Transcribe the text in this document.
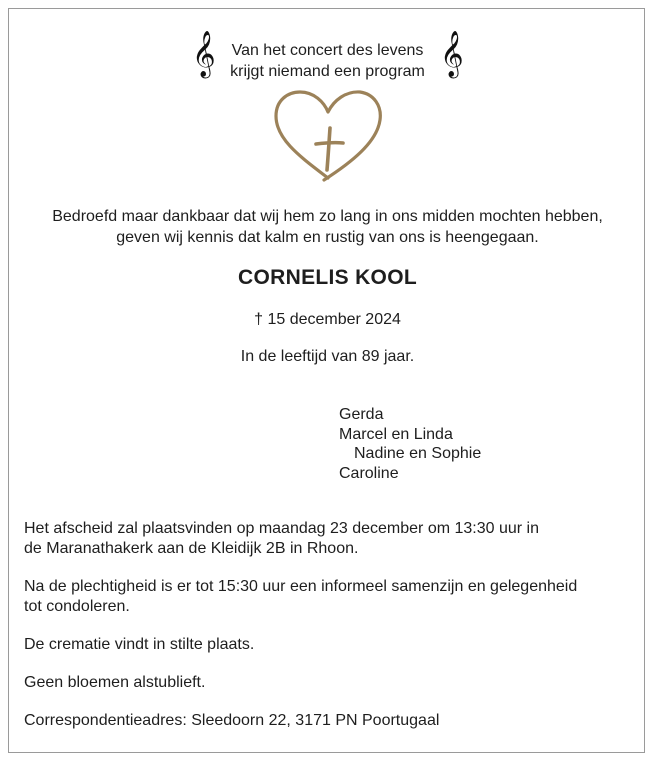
𝄞	𝄞
Van het concert des levens
krijgt niemand een program
Bedroefd maar dankbaar dat wij hem zo lang in ons midden mochten hebben,
geven wij kennis dat kalm en rustig van ons is heengegaan.
CORNELIS KOOL
† 15 december 2024
In de leeftijd van 89 jaar.
Gerda
Marcel en Linda
Nadine en Sophie
Caroline
Het afscheid zal plaatsvinden op maandag 23 december om 13:30 uur in
de Maranathakerk aan de Kleidijk 2B in Rhoon.
Na de plechtigheid is er tot 15:30 uur een informeel samenzijn en gelegenheid
tot condoleren.
De crematie vindt in stilte plaats.
Geen bloemen alstublieft.
Correspondentieadres: Sleedoorn 22, 3171 PN Poortugaal
